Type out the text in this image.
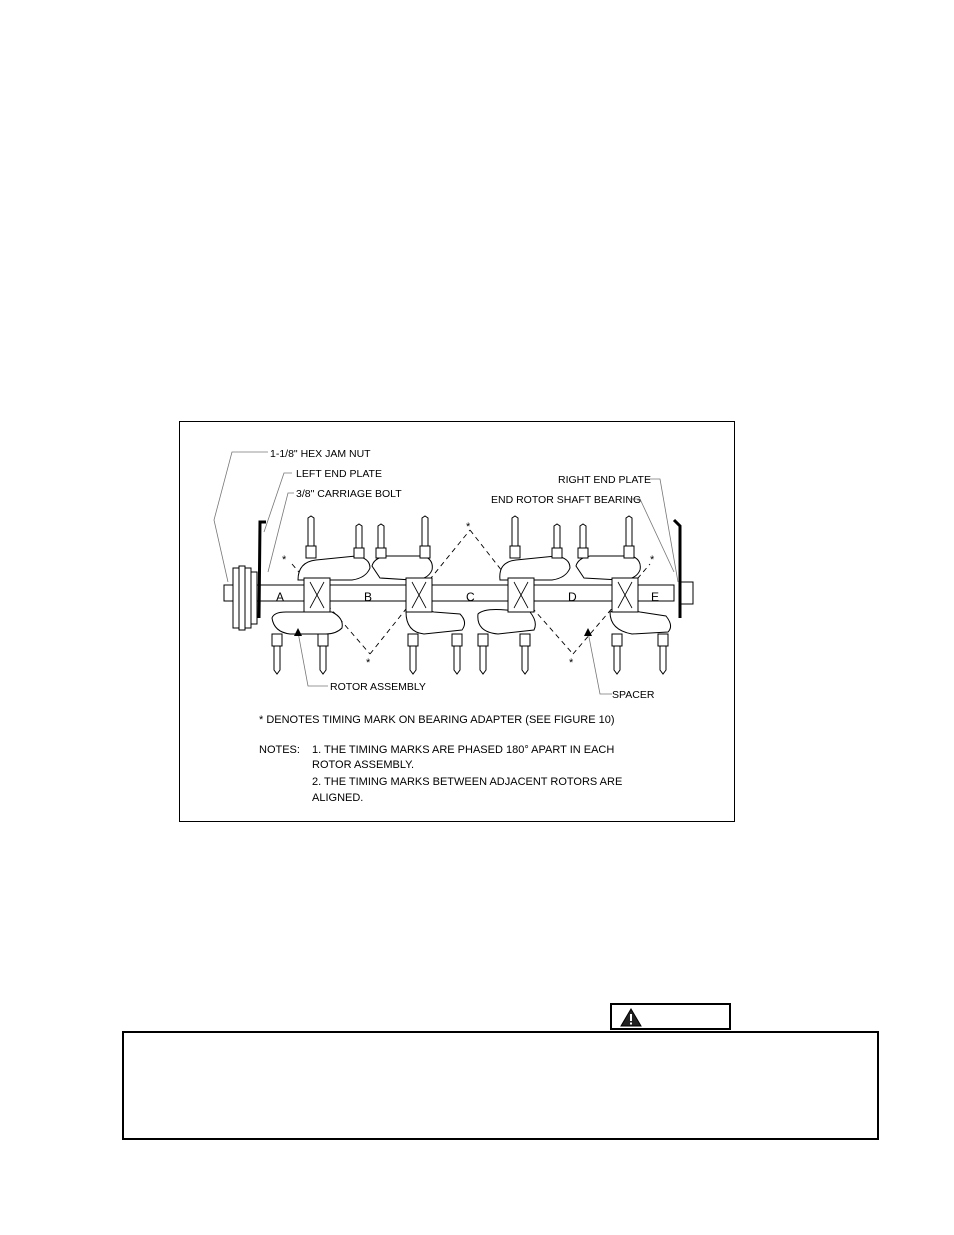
1-1/8" HEX JAM NUT
LEFT END PLATE
3/8" CARRIAGE BOLT
RIGHT END PLATE
END ROTOR SHAFT BEARING
ROTOR ASSEMBLY
SPACER
A	B	C	D	E
*
*
*
*	*
* DENOTES TIMING MARK ON BEARING ADAPTER (SEE FIGURE 10)
NOTES: 1. THE TIMING MARKS ARE PHASED 180° APART IN EACH
ROTOR ASSEMBLY.
2. THE TIMING MARKS BETWEEN ADJACENT ROTORS ARE
ALIGNED.
